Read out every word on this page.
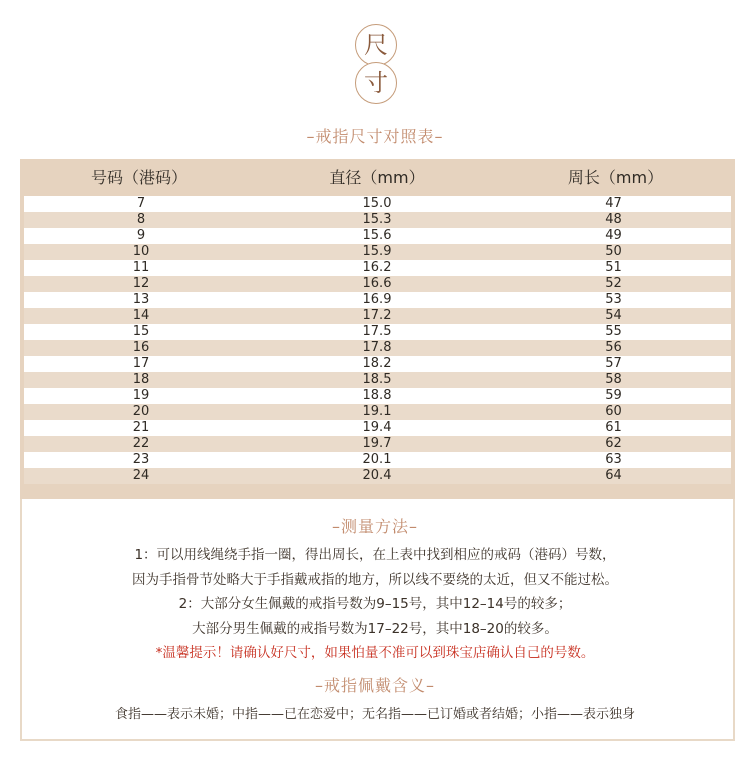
尺
寸
–戒指尺寸对照表–
号码（港码）	直径（mm）	周长（mm）
7	15.0	47
8	15.3	48
9	15.6	49
10	15.9	50
11	16.2	51
12	16.6	52
13	16.9	53
14	17.2	54
15	17.5	55
16	17.8	56
17	18.2	57
18	18.5	58
19	18.8	59
20	19.1	60
21	19.4	61
22	19.7	62
23	20.1	63
24	20.4	64
–测量方法–
1：可以用线绳绕手指一圈，得出周长，在上表中找到相应的戒码（港码）号数，
因为手指骨节处略大于手指戴戒指的地方，所以线不要绕的太近，但又不能过松。
2：大部分女生佩戴的戒指号数为9–15号，其中12–14号的较多；
大部分男生佩戴的戒指号数为17–22号，其中18–20的较多。
*温馨提示！请确认好尺寸，如果怕量不准可以到珠宝店确认自己的号数。
–戒指佩戴含义–
食指——表示未婚；中指——已在恋爱中；无名指——已订婚或者结婚；小指——表示独身
